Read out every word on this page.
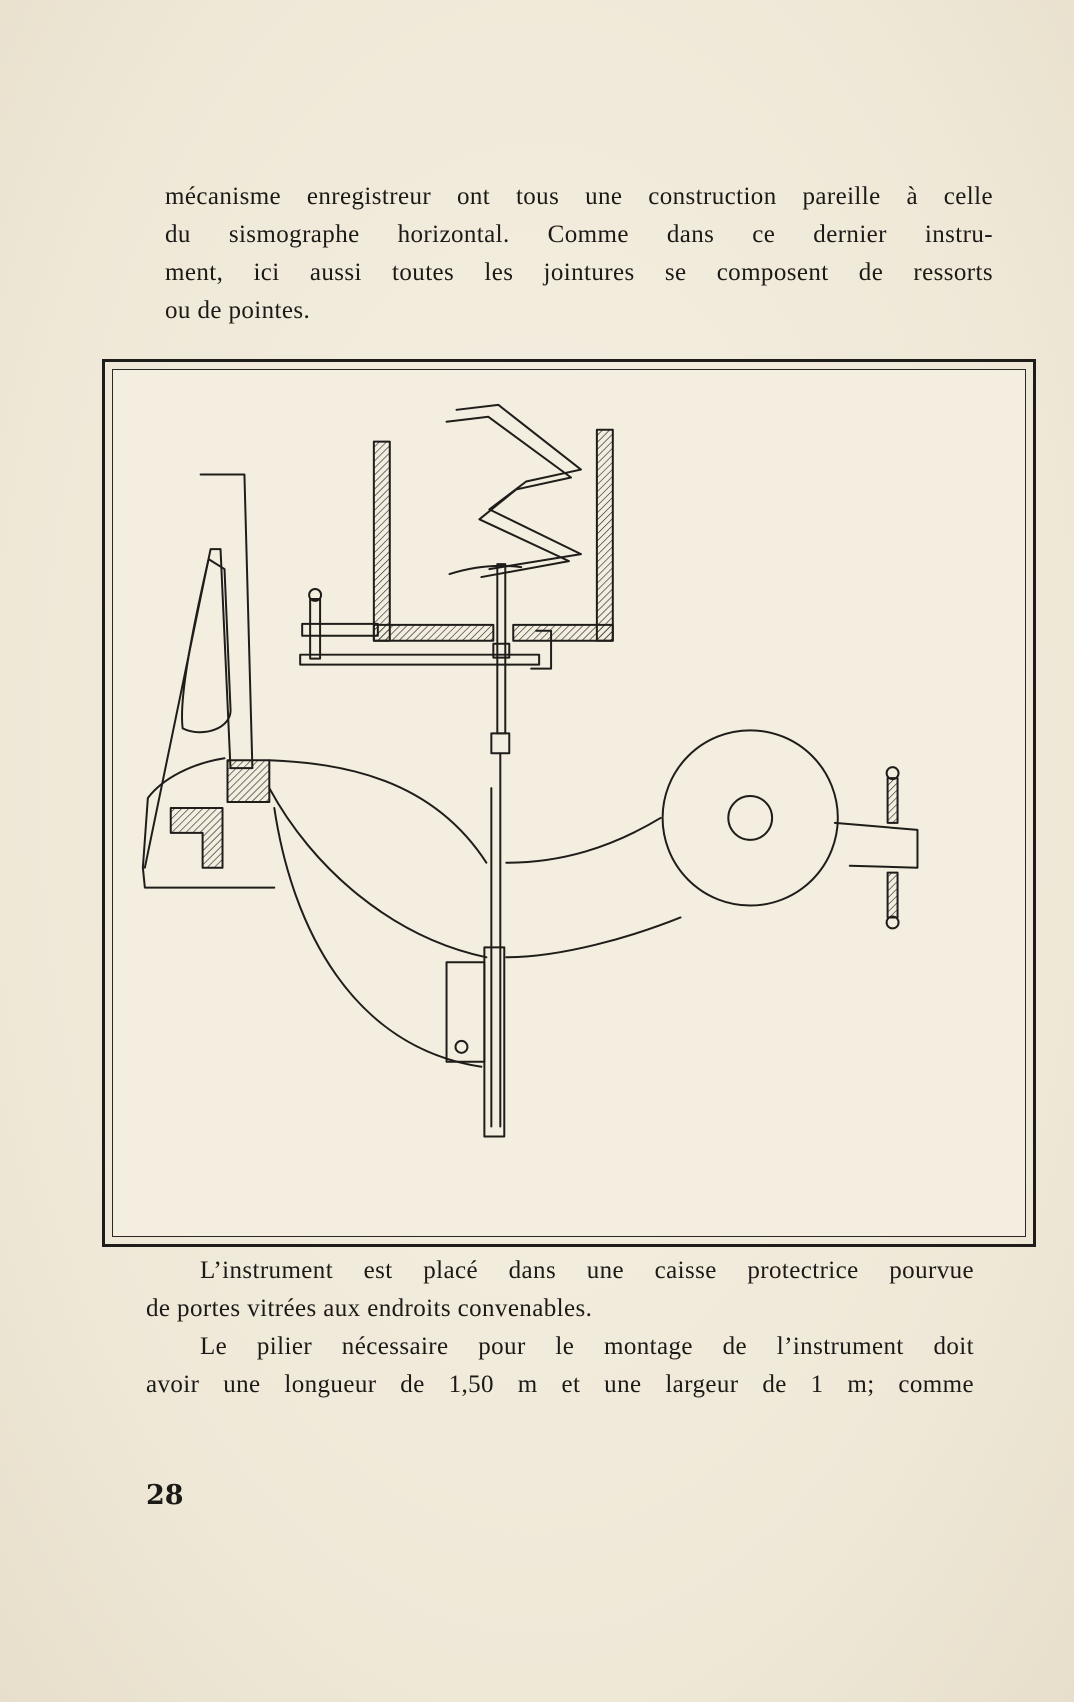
mécanisme enregistreur ont tous une construction pareille à celle
du sismographe horizontal. Comme dans ce dernier instru-
ment, ici aussi toutes les jointures se composent de ressorts
ou de pointes.
L’instrument est placé dans une caisse protectrice pourvue
de portes vitrées aux endroits convenables.
Le pilier nécessaire pour le montage de l’instrument doit
avoir une longueur de 1,50 m et une largeur de 1 m; comme
28
